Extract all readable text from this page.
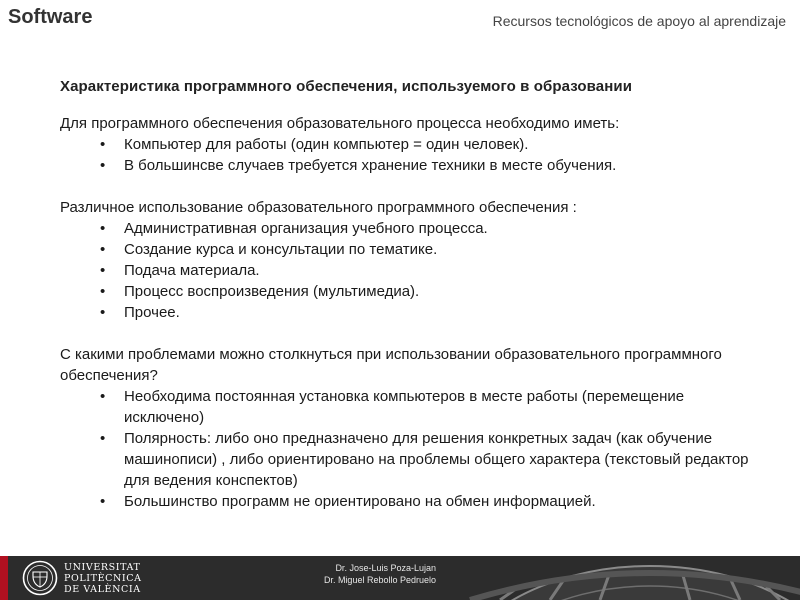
Software	Recursos tecnológicos de apoyo al aprendizaje
Характеристика программного обеспечения, используемого в образовании

Для программного обеспечения образовательного процесса необходимо иметь:

• Компьютер для работы (один компьютер = один человек).
• В большинсве случаев требуется хранение техники в месте обучения.

Различное использование образовательного программного обеспечения :

• Административная организация учебного процесса.
• Создание курса и консультации по тематике.
• Подача материала.
• Процесс воспроизведения (мультимедиа).
• Прочее.

С какими проблемами можно столкнуться при использовании образовательного программного обеспечения?

• Необходима постоянная установка компьютеров в месте работы (перемещение исключено)
• Полярность: либо оно предназначено для решения конкретных задач (как обучение машинописи) , либо ориентировано на проблемы общего характера (текстовый редактор для ведения конспектов)
• Большинство программ не ориентировано на обмен информацией.
UNIVERSITAT
POLITÈCNICA
DE VALÈNCIA
Dr. Jose-Luis Poza-Lujan
Dr. Miguel Rebollo Pedruelo
